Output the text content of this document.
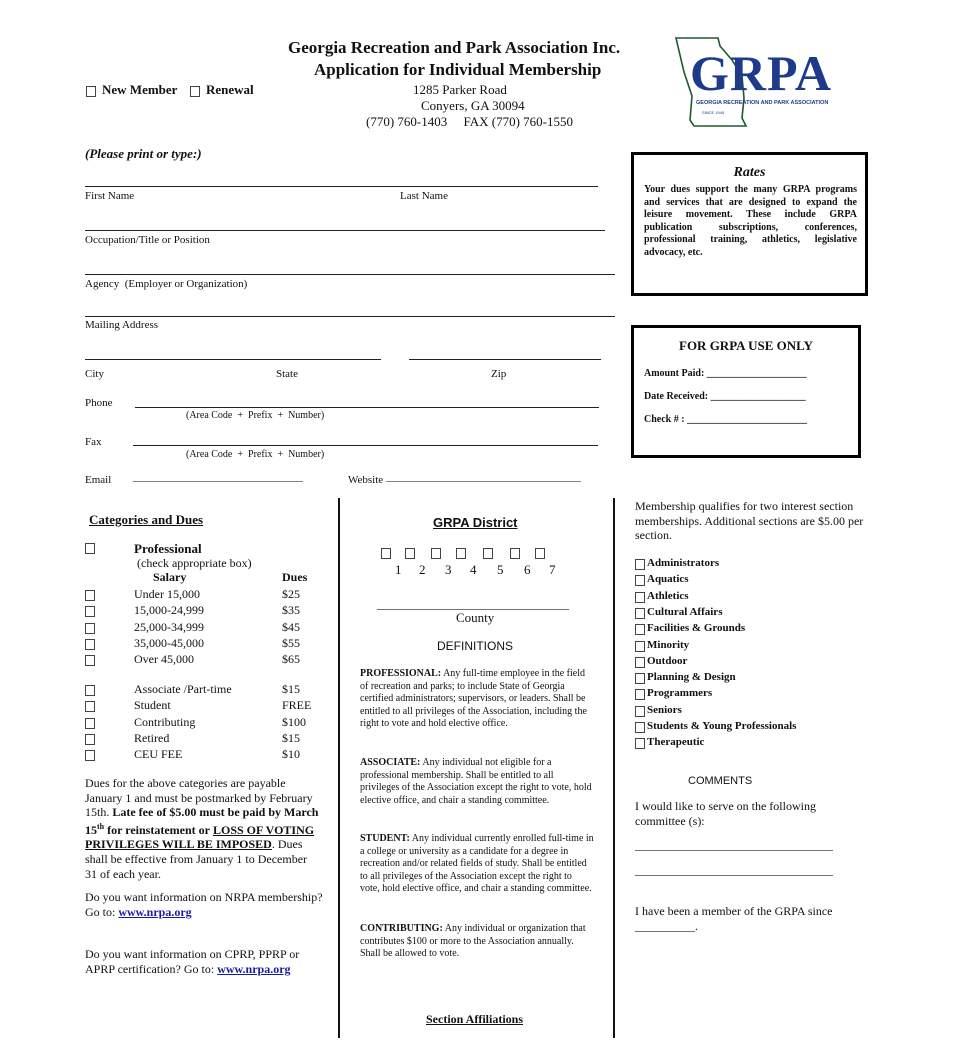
Georgia Recreation and Park Association Inc.
Application for Individual Membership
1285 Parker Road
Conyers, GA 30094
(770) 760-1403     FAX (770) 760-1550
New Member	Renewal	GRPA
GEORGIA RECREATION AND PARK ASSOCIATION
SINCE 1945
(Please print or type:)
First Name	Last Name
Occupation/Title or Position
Agency  (Employer or Organization)
Mailing Address
City	State	Zip
Phone
(Area Code  +  Prefix  +  Number)
Fax
(Area Code  +  Prefix  +  Number)
Email __________________________________	Website _______________________________________
Rates
Your dues support the many GRPA programs and services that are designed to expand the leisure movement. These include GRPA publication subscriptions, conferences, professional training, athletics, legislative advocacy, etc.
FOR GRPA USE ONLY
Amount Paid: ____________________
Date Received: ___________________
Check # : ________________________
Categories and Dues
Professional
(check appropriate box)
Salary	Dues
Under 15,000	$25
15,000-24,999	$35
25,000-34,999	$45
35,000-45,000	$55
Over 45,000	$65
Associate /Part-time	$15
Student	FREE
Contributing	$100
Retired	$15
CEU FEE	$10
Dues for the above categories are payable January 1 and must be postmarked by February 15th. Late fee of $5.00 must be paid by March 15th for reinstatement or LOSS OF VOTING PRIVILEGES WILL BE IMPOSED. Dues shall be effective from January 1 to December 31 of each year.
Do you want information on NRPA membership? Go to: www.nrpa.org
Do you want information on CPRP, PPRP or APRP certification? Go to: www.nrpa.org
GRPA District
1 2 3 4 5 6 7
________________________________
County
DEFINITIONS
PROFESSIONAL: Any full-time employee in the field of recreation and parks; to include State of Georgia certified administrators; supervisors, or leaders. Shall be entitled to all privileges of the Association, including the right to vote and hold elective office.
ASSOCIATE: Any individual not eligible for a professional membership. Shall be entitled to all privileges of the Association except the right to vote, hold elective office, and chair a standing committee.
STUDENT: Any individual currently enrolled full-time in a college or university as a candidate for a degree in recreation and/or related fields of study. Shall be entitled to all privileges of the Association except the right to vote, hold elective office, and chair a standing committee.
CONTRIBUTING: Any individual or organization that contributes $100 or more to the Association annually. Shall be allowed to vote.
Section Affiliations
Membership qualifies for two interest section memberships. Additional sections are $5.00 per section.
Administrators
Aquatics
Athletics
Cultural Affairs
Facilities & Grounds
Minority
Outdoor
Planning & Design
Programmers
Seniors
Students & Young Professionals
Therapeutic
COMMENTS
I would like to serve on the following committee (s):
_________________________________
_________________________________
I have been a member of the GRPA since __________.
